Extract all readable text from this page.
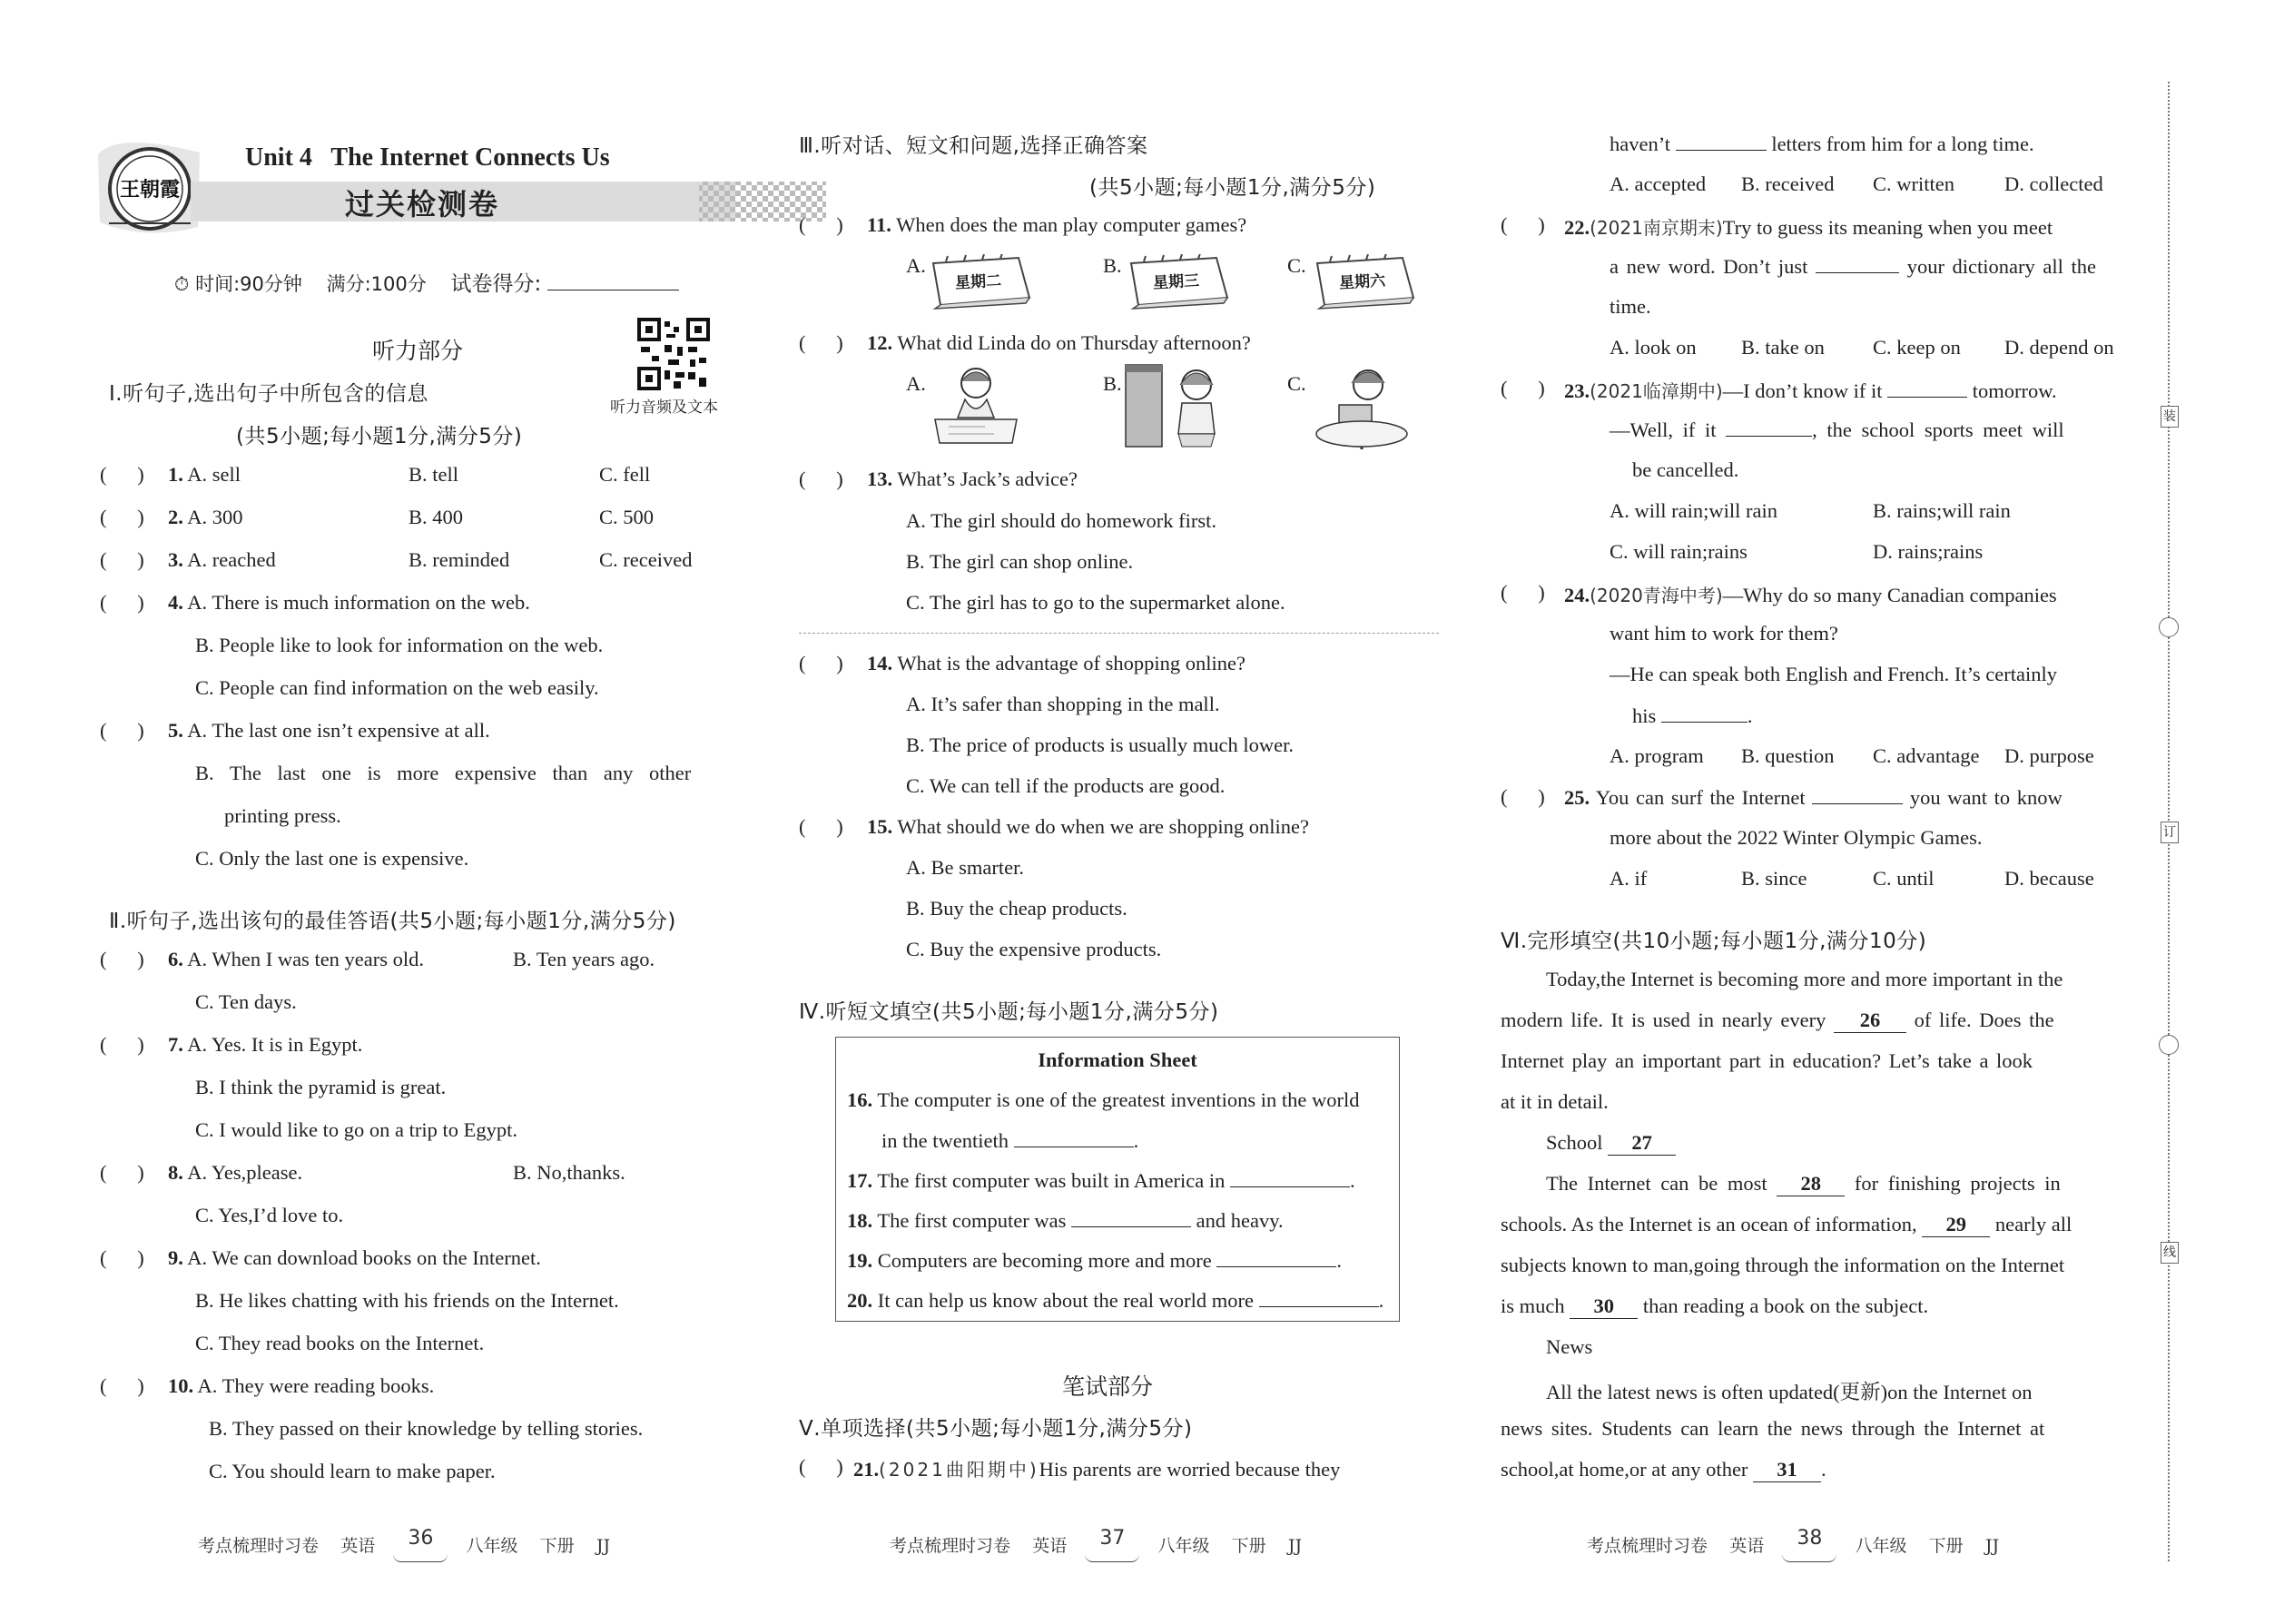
王朝霞
Unit 4 The Internet Connects Us
过关检测卷
⏱ 时间:90分钟 满分:100分 试卷得分:
听力音频及文本
听力部分
Ⅰ.听句子,选出句子中所包含的信息
(共5小题;每小题1分,满分5分)
(      )	1. A. sell	B. tell	C. fell
(      )	2. A. 300	B. 400	C. 500
(      )	3. A. reached	B. reminded	C. received
(      )	4. A. There is much information on the web.
B. People like to look for information on the web.
C. People can find information on the web easily.
(      )	5. A. The last one isn’t expensive at all.
B. The last one is more expensive than any other
printing press.
C. Only the last one is expensive.
Ⅱ.听句子,选出该句的最佳答语(共5小题;每小题1分,满分5分)
(      )	6. A. When I was ten years old.	B. Ten years ago.
C. Ten days.
(      )	7. A. Yes. It is in Egypt.
B. I think the pyramid is great.
C. I would like to go on a trip to Egypt.
(      )	8. A. Yes,please.	B. No,thanks.
C. Yes,I’d love to.
(      )	9. A. We can download books on the Internet.
B. He likes chatting with his friends on the Internet.
C. They read books on the Internet.
(      )	10. A. They were reading books.
B. They passed on their knowledge by telling stories.
C. You should learn to make paper.
考点梳理时习卷 英语 36 八年级 下册 JJ
Ⅲ.听对话、短文和问题,选择正确答案
(共5小题;每小题1分,满分5分)
(      )	11. When does the man play computer games?
A.	B.	C.
星期二	星期三	星期六
(      )	12. What did Linda do on Thursday afternoon?
A.	B.	C.
(      )	13. What’s Jack’s advice?
A. The girl should do homework first.
B. The girl can shop online.
C. The girl has to go to the supermarket alone.
(      )	14. What is the advantage of shopping online?
A. It’s safer than shopping in the mall.
B. The price of products is usually much lower.
C. We can tell if the products are good.
(      )	15. What should we do when we are shopping online?
A. Be smarter.
B. Buy the cheap products.
C. Buy the expensive products.
Ⅳ.听短文填空(共5小题;每小题1分,满分5分)
Information Sheet
16. The computer is one of the greatest inventions in the world
in the twentieth	.
17. The first computer was built in America in	.
18. The first computer was	and heavy.
19. Computers are becoming more and more	.
20. It can help us know about the real world more	.
笔试部分
Ⅴ.单项选择(共5小题;每小题1分,满分5分)
(      ) 21.(2021曲阳期中)His parents are worried because they
考点梳理时习卷 英语 37 八年级 下册 JJ
haven’t	letters from him for a long time.
A. accepted B. received C. written D. collected
(      ) 22.(2021南京期末)Try to guess its meaning when you meet
a new word. Don’t just	your dictionary all the
time.
A. look on B. take on C. keep on D. depend on
(      ) 23.(2021临漳期中)—I don’t know if it	tomorrow.
—Well, if it	, the school sports meet will
be cancelled.
A. will rain;will rain	B. rains;will rain
C. will rain;rains	D. rains;rains
(      ) 24.(2020青海中考)—Why do so many Canadian companies
want him to work for them?
—He can speak both English and French. It’s certainly
his	.
A. program B. question C. advantage D. purpose
(      ) 25. You can surf the Internet	you want to know
more about the 2022 Winter Olympic Games.
A. if	B. since	C. until	D. because
Ⅵ.完形填空(共10小题;每小题1分,满分10分)
Today,the Internet is becoming more and more important in the
modern life. It is used in nearly every 26 of life. Does the
Internet play an important part in education? Let’s take a look
at it in detail.
School 27
The Internet can be most 28 for finishing projects in
schools. As the Internet is an ocean of information, 29 nearly all
subjects known to man,going through the information on the Internet
is much 30 than reading a book on the subject.
News
All the latest news is often updated(更新)on the Internet on
news sites. Students can learn the news through the Internet at
school,at home,or at any other 31 .
考点梳理时习卷 英语 38 八年级 下册 JJ
装
订
线
